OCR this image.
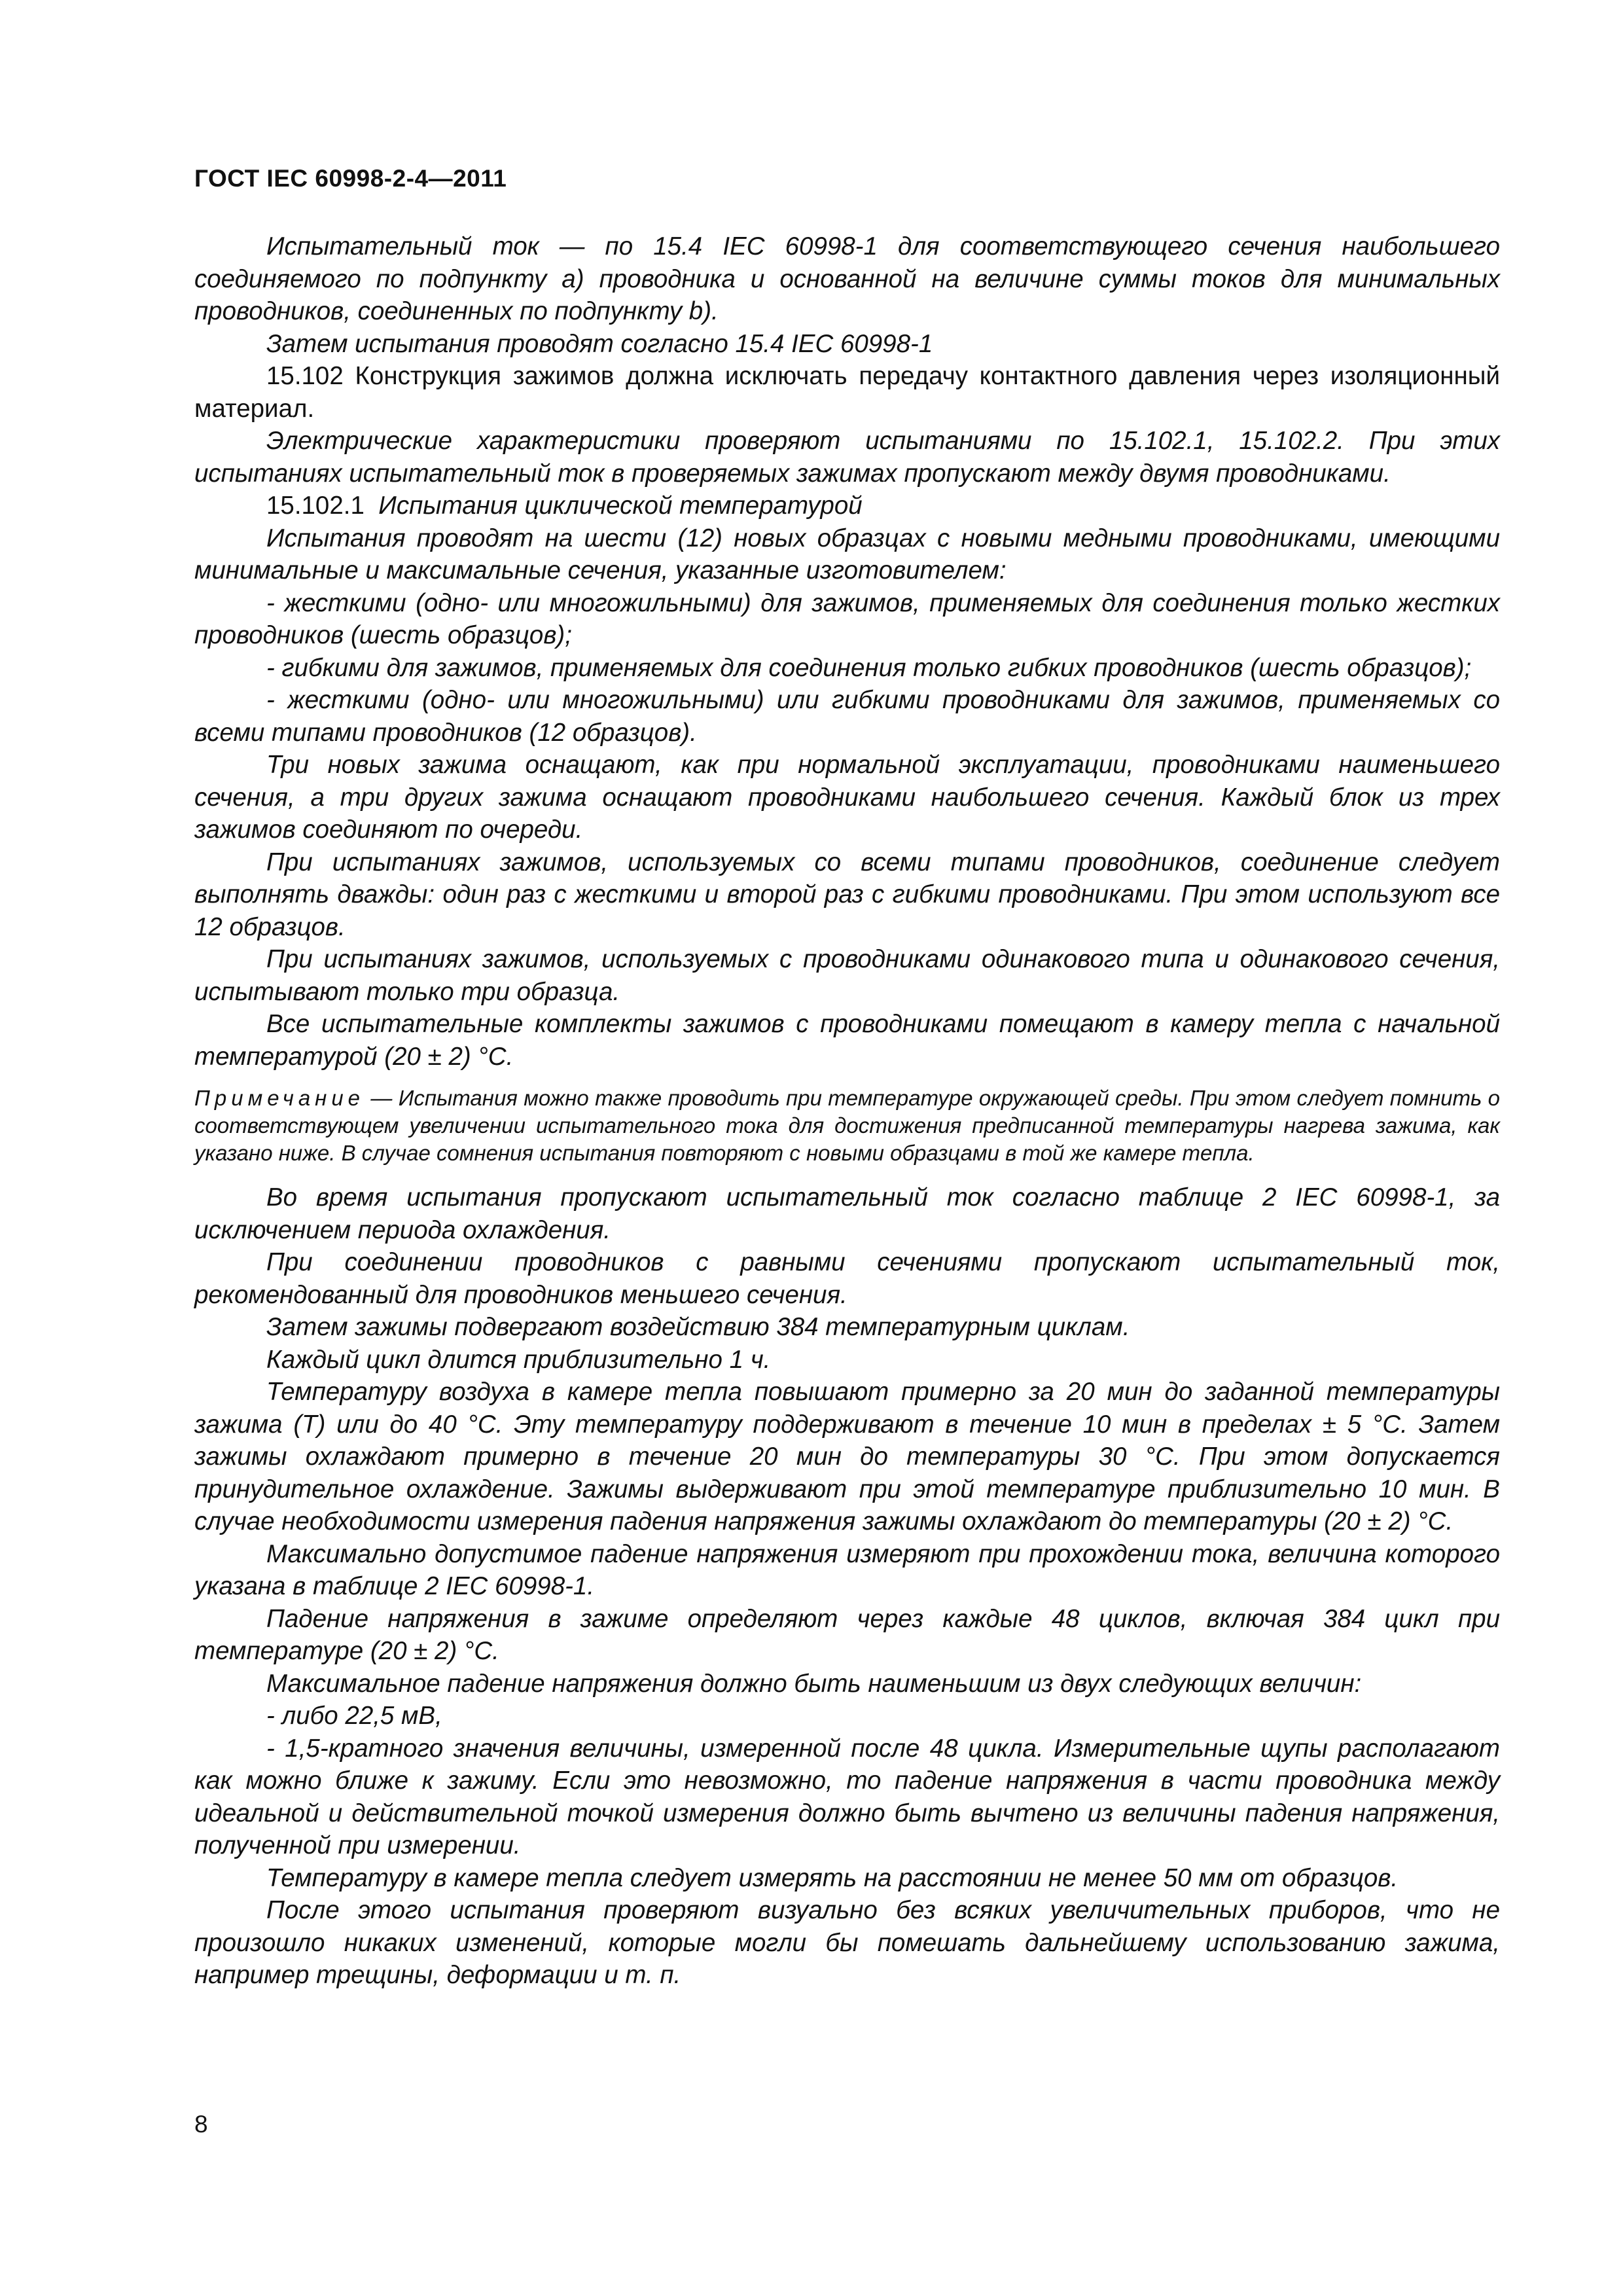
ГОСТ IEC 60998-2-4—2011

Испытательный ток — по 15.4 IEC 60998-1 для соответствующего сечения наибольшего соединяемого по подпункту а) проводника и основанной на величине суммы токов для минимальных проводников, соединенных по подпункту b).

Затем испытания проводят согласно 15.4 IEC 60998-1

15.102 Конструкция зажимов должна исключать передачу контактного давления через изоляционный материал.

Электрические характеристики проверяют испытаниями по 15.102.1, 15.102.2. При этих испытаниях испытательный ток в проверяемых зажимах пропускают между двумя проводниками.

15.102.1 Испытания циклической температурой

Испытания проводят на шести (12) новых образцах с новыми медными проводниками, имеющими минимальные и максимальные сечения, указанные изготовителем:

- жесткими (одно- или многожильными) для зажимов, применяемых для соединения только жестких проводников (шесть образцов);

- гибкими для зажимов, применяемых для соединения только гибких проводников (шесть образцов);

- жесткими (одно- или многожильными) или гибкими проводниками для зажимов, применяемых со всеми типами проводников (12 образцов).

Три новых зажима оснащают, как при нормальной эксплуатации, проводниками наименьшего сечения, а три других зажима оснащают проводниками наибольшего сечения. Каждый блок из трех зажимов соединяют по очереди.

При испытаниях зажимов, используемых со всеми типами проводников, соединение следует выполнять дважды: один раз с жесткими и второй раз с гибкими проводниками. При этом используют все 12 образцов.

При испытаниях зажимов, используемых с проводниками одинакового типа и одинакового сечения, испытывают только три образца.

Все испытательные комплекты зажимов с проводниками помещают в камеру тепла с начальной температурой (20 ± 2) °С.

Примечание — Испытания можно также проводить при температуре окружающей среды. При этом следует помнить о соответствующем увеличении испытательного тока для достижения предписанной температуры нагрева зажима, как указано ниже. В случае сомнения испытания повторяют с новыми образцами в той же камере тепла.

Во время испытания пропускают испытательный ток согласно таблице 2 IEC 60998-1, за исключением периода охлаждения.

При соединении проводников с равными сечениями пропускают испытательный ток, рекомендованный для проводников меньшего сечения.

Затем зажимы подвергают воздействию 384 температурным циклам.

Каждый цикл длится приблизительно 1 ч.

Температуру воздуха в камере тепла повышают примерно за 20 мин до заданной температуры зажима (Т) или до 40 °С. Эту температуру поддерживают в течение 10 мин в пределах ± 5 °С. Затем зажимы охлаждают примерно в течение 20 мин до температуры 30 °С. При этом допускается принудительное охлаждение. Зажимы выдерживают при этой температуре приблизительно 10 мин. В случае необходимости измерения падения напряжения зажимы охлаждают до температуры (20 ± 2) °С.

Максимально допустимое падение напряжения измеряют при прохождении тока, величина которого указана в таблице 2 IEC 60998-1.

Падение напряжения в зажиме определяют через каждые 48 циклов, включая 384 цикл при температуре (20 ± 2) °С.

Максимальное падение напряжения должно быть наименьшим из двух следующих величин:

- либо 22,5 мВ,

- 1,5-кратного значения величины, измеренной после 48 цикла. Измерительные щупы располагают как можно ближе к зажиму. Если это невозможно, то падение напряжения в части проводника между идеальной и действительной точкой измерения должно быть вычтено из величины падения напряжения, полученной при измерении.

Температуру в камере тепла следует измерять на расстоянии не менее 50 мм от образцов.

После этого испытания проверяют визуально без всяких увеличительных приборов, что не произошло никаких изменений, которые могли бы помешать дальнейшему использованию зажима, например трещины, деформации и т. п.

8
